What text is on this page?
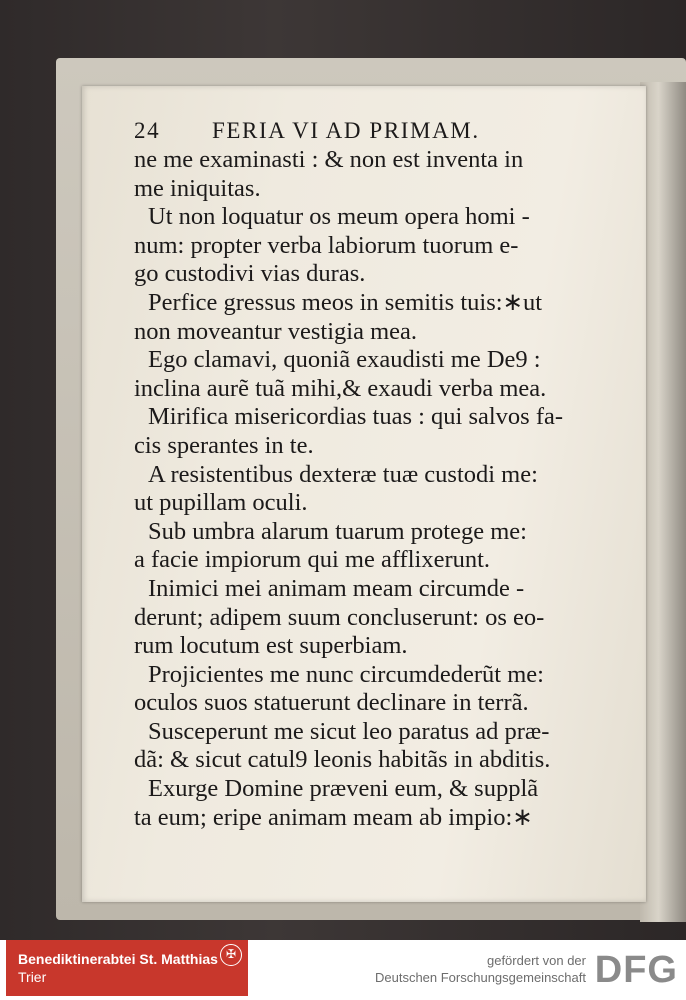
24 FERIA VI AD PRIMAM.
ne me examinasti : & non est inventa in
me iniquitas.
Ut non loquatur os meum opera homi -
num: propter verba labiorum tuorum e-
go custodivi vias duras.
Perfice gressus meos in semitis tuis:∗ut
non moveantur vestigia mea.
Ego clamavi, quoniã exaudisti me De9 :
inclina aurẽ tuã mihi,& exaudi verba mea.
Mirifica misericordias tuas : qui salvos fa-
cis sperantes in te.
A resistentibus dexteræ tuæ custodi me:
ut pupillam oculi.
Sub umbra alarum tuarum protege me:
a facie impiorum qui me afflixerunt.
Inimici mei animam meam circumde -
derunt; adipem suum concluserunt: os eo-
rum locutum est superbiam.
Projicientes me nunc circumdederũt me:
oculos suos statuerunt declinare in terrã.
Susceperunt me sicut leo paratus ad præ-
dã: & sicut catul9 leonis habitãs in abditis.
Exurge Domine præveni eum, & supplã
ta eum; eripe animam meam ab impio:∗
Benediktinerabtei St. Matthias
Trier
✠	gefördert von der
Deutschen Forschungsgemeinschaft DFG
